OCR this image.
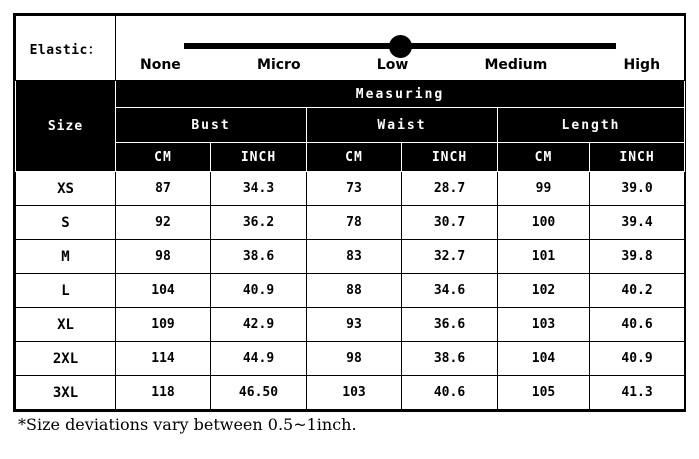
Elastic：	None Micro Low Medium High					

Size	Measuring					
	Bust		Waist		Length	
	CM	INCH	CM	INCH	CM	INCH
XS	87	34.3	73	28.7	99	39.0
S	92	36.2	78	30.7	100	39.4
M	98	38.6	83	32.7	101	39.8
L	104	40.9	88	34.6	102	40.2
XL	109	42.9	93	36.6	103	40.6
2XL	114	44.9	98	38.6	104	40.9
3XL	118	46.50	103	40.6	105	41.3
*Size deviations vary between 0.5~1inch.
